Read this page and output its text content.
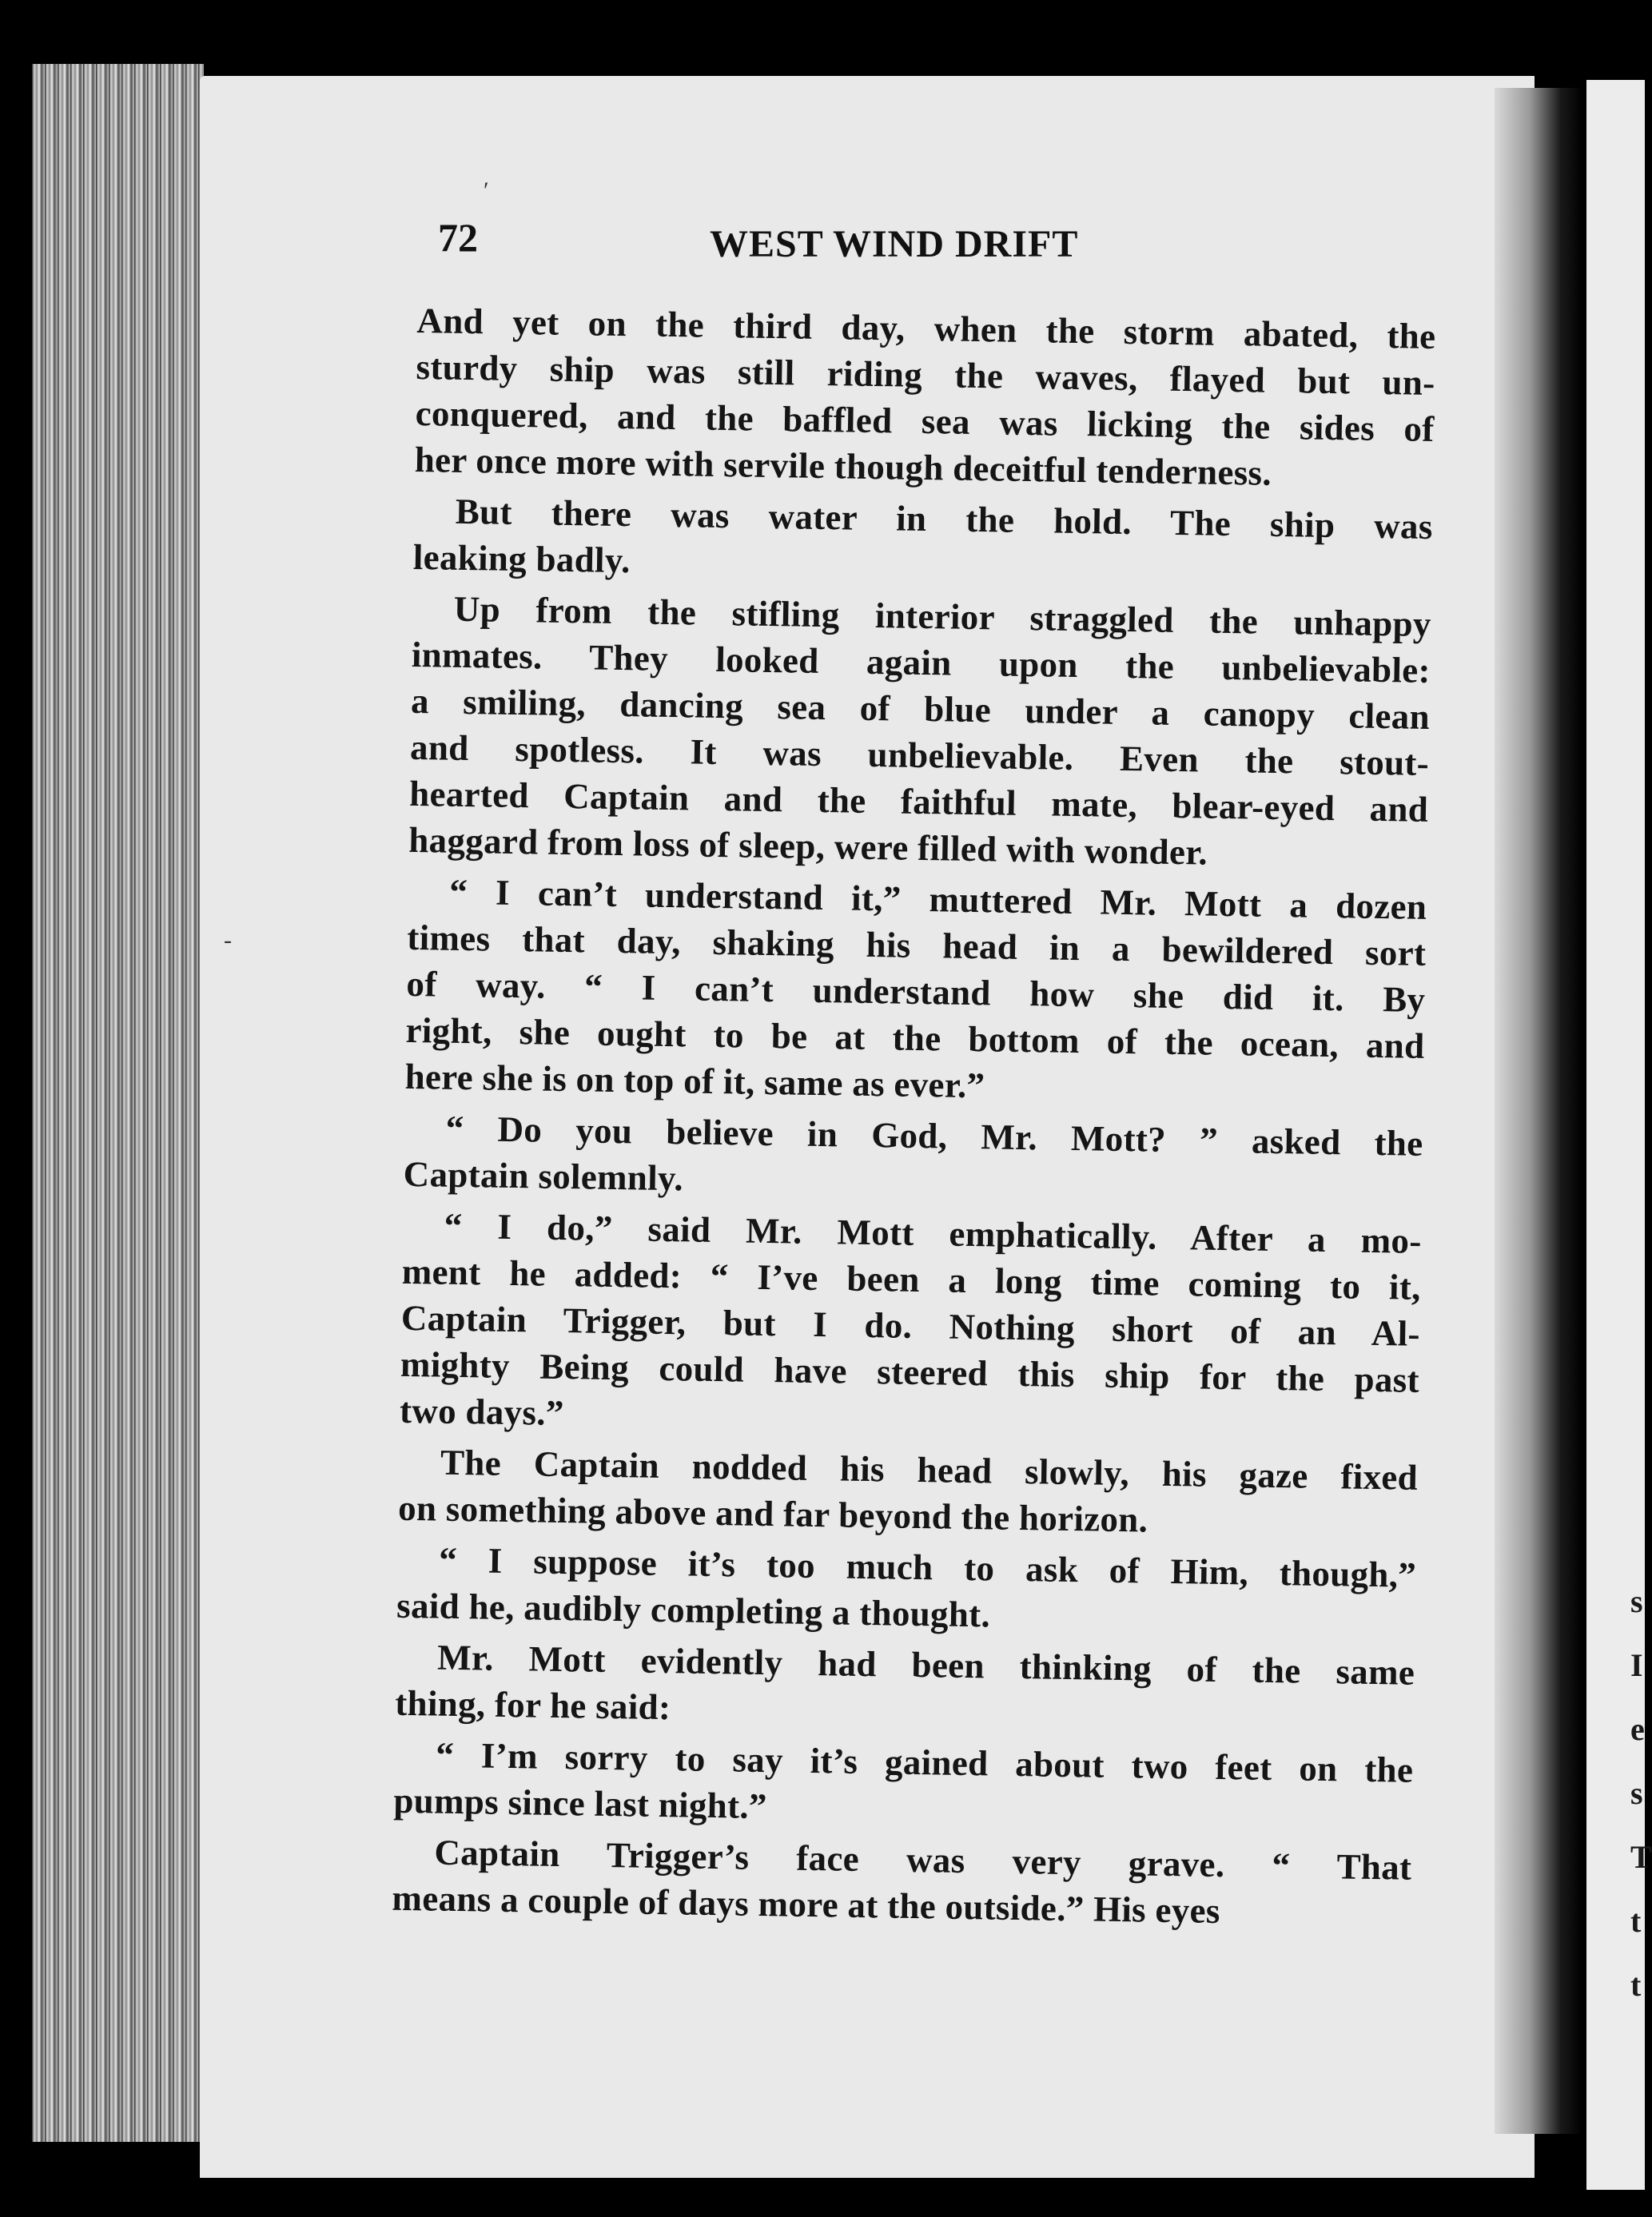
s
I
e
s
T
t
t
72	WEST WIND DRIFT
ʹ
-
And yet on the third day, when the storm abated, the
sturdy ship was still riding the waves, flayed but un-
conquered, and the baffled sea was licking the sides of
her once more with servile though deceitful tenderness.
But there was water in the hold. The ship was
leaking badly.
Up from the stifling interior straggled the unhappy
inmates. They looked again upon the unbelievable:
a smiling, dancing sea of blue under a canopy clean
and spotless. It was unbelievable. Even the stout-
hearted Captain and the faithful mate, blear-eyed and
haggard from loss of sleep, were filled with wonder.
“ I can’t understand it,” muttered Mr. Mott a dozen
times that day, shaking his head in a bewildered sort
of way. “ I can’t understand how she did it. By
right, she ought to be at the bottom of the ocean, and
here she is on top of it, same as ever.”
“ Do you believe in God, Mr. Mott? ” asked the
Captain solemnly.
“ I do,” said Mr. Mott emphatically. After a mo-
ment he added: “ I’ve been a long time coming to it,
Captain Trigger, but I do. Nothing short of an Al-
mighty Being could have steered this ship for the past
two days.”
The Captain nodded his head slowly, his gaze fixed
on something above and far beyond the horizon.
“ I suppose it’s too much to ask of Him, though,”
said he, audibly completing a thought.
Mr. Mott evidently had been thinking of the same
thing, for he said:
“ I’m sorry to say it’s gained about two feet on the
pumps since last night.”
Captain Trigger’s face was very grave. “ That
means a couple of days more at the outside.” His eyes
